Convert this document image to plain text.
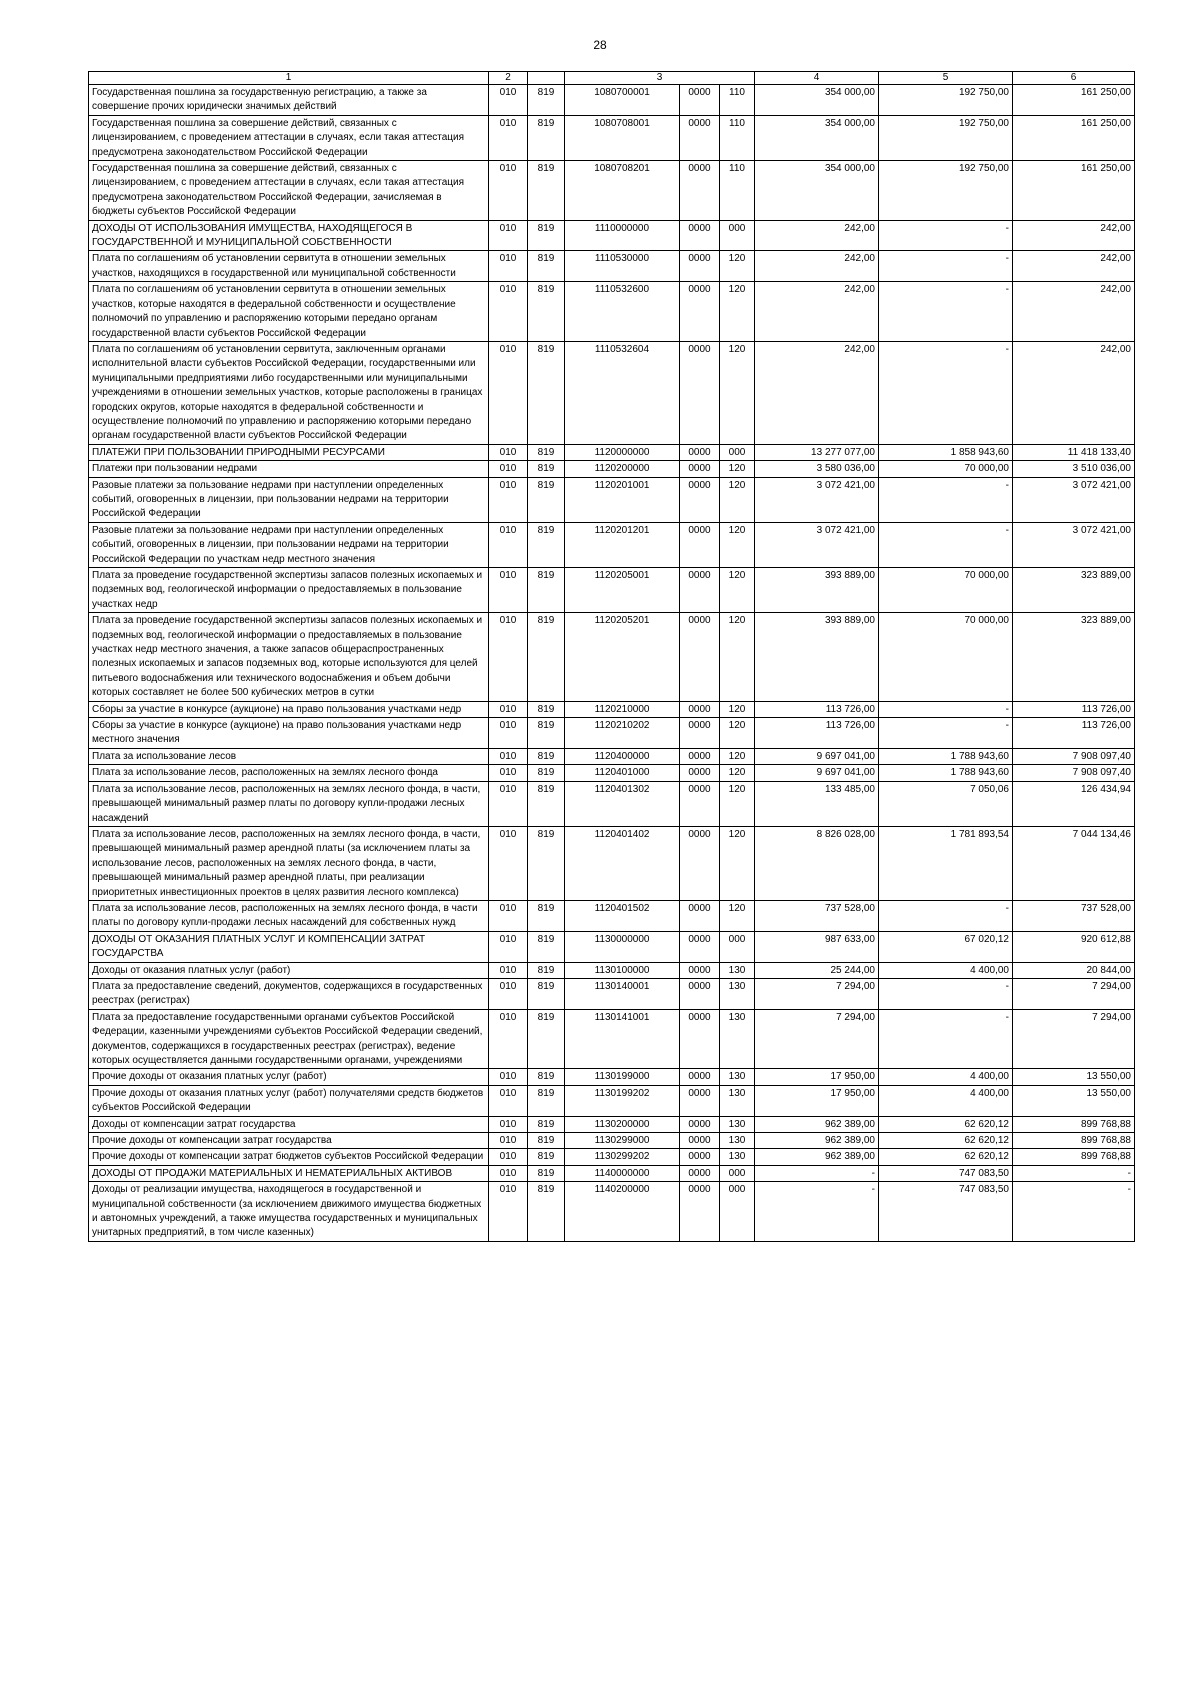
28
1	2		3			4	5	6
Государственная пошлина за государственную регистрацию, а также за совершение прочих юридически значимых действий	010	819	1080700001	0000	110	354 000,00	192 750,00	161 250,00
Государственная пошлина за совершение действий, связанных с лицензированием, с проведением аттестации в случаях, если такая аттестация предусмотрена законодательством Российской Федерации	010	819	1080708001	0000	110	354 000,00	192 750,00	161 250,00
Государственная пошлина за совершение действий, связанных с лицензированием, с проведением аттестации в случаях, если такая аттестация предусмотрена законодательством Российской Федерации, зачисляемая в бюджеты субъектов Российской Федерации	010	819	1080708201	0000	110	354 000,00	192 750,00	161 250,00
ДОХОДЫ ОТ ИСПОЛЬЗОВАНИЯ ИМУЩЕСТВА, НАХОДЯЩЕГОСЯ В ГОСУДАРСТВЕННОЙ И МУНИЦИПАЛЬНОЙ СОБСТВЕННОСТИ	010	819	1110000000	0000	000	242,00	-	242,00
Плата по соглашениям об установлении сервитута в отношении земельных участков, находящихся в государственной или муниципальной собственности	010	819	1110530000	0000	120	242,00	-	242,00
Плата по соглашениям об установлении сервитута в отношении земельных участков, которые находятся в федеральной собственности и осуществление полномочий по управлению и распоряжению которыми передано органам государственной власти субъектов Российской Федерации	010	819	1110532600	0000	120	242,00	-	242,00
Плата по соглашениям об установлении сервитута, заключенным органами исполнительной власти субъектов Российской Федерации, государственными или муниципальными предприятиями либо государственными или муниципальными учреждениями в отношении земельных участков, которые расположены в границах городских округов, которые находятся в федеральной собственности и осуществление полномочий по управлению и распоряжению которыми передано органам государственной власти субъектов Российской Федерации	010	819	1110532604	0000	120	242,00	-	242,00
ПЛАТЕЖИ ПРИ ПОЛЬЗОВАНИИ ПРИРОДНЫМИ РЕСУРСАМИ	010	819	1120000000	0000	000	13 277 077,00	1 858 943,60	11 418 133,40
Платежи при пользовании недрами	010	819	1120200000	0000	120	3 580 036,00	70 000,00	3 510 036,00
Разовые платежи за пользование недрами при наступлении определенных событий, оговоренных в лицензии, при пользовании недрами на территории Российской Федерации	010	819	1120201001	0000	120	3 072 421,00	-	3 072 421,00
Разовые платежи за пользование недрами при наступлении определенных событий, оговоренных в лицензии, при пользовании недрами на территории Российской Федерации по участкам недр местного значения	010	819	1120201201	0000	120	3 072 421,00	-	3 072 421,00
Плата за проведение государственной экспертизы запасов полезных ископаемых и подземных вод, геологической информации о предоставляемых в пользование участках недр	010	819	1120205001	0000	120	393 889,00	70 000,00	323 889,00
Плата за проведение государственной экспертизы запасов полезных ископаемых и подземных вод, геологической информации о предоставляемых в пользование участках недр местного значения, а также запасов общераспространенных полезных ископаемых и запасов подземных вод, которые используются для целей питьевого водоснабжения или технического водоснабжения и объем добычи которых составляет не более 500 кубических метров в сутки	010	819	1120205201	0000	120	393 889,00	70 000,00	323 889,00
Сборы за участие в конкурсе (аукционе) на право пользования участками недр	010	819	1120210000	0000	120	113 726,00	-	113 726,00
Сборы за участие в конкурсе (аукционе) на право пользования участками недр местного значения	010	819	1120210202	0000	120	113 726,00	-	113 726,00
Плата за использование лесов	010	819	1120400000	0000	120	9 697 041,00	1 788 943,60	7 908 097,40
Плата за использование лесов, расположенных на землях лесного фонда	010	819	1120401000	0000	120	9 697 041,00	1 788 943,60	7 908 097,40
Плата за использование лесов, расположенных на землях лесного фонда, в части, превышающей минимальный размер платы по договору купли-продажи лесных насаждений	010	819	1120401302	0000	120	133 485,00	7 050,06	126 434,94
Плата за использование лесов, расположенных на землях лесного фонда, в части, превышающей минимальный размер арендной платы (за исключением платы за использование лесов, расположенных на землях лесного фонда, в части, превышающей минимальный размер арендной платы, при реализации приоритетных инвестиционных проектов в целях развития лесного комплекса)	010	819	1120401402	0000	120	8 826 028,00	1 781 893,54	7 044 134,46
Плата за использование лесов, расположенных на землях лесного фонда, в части платы по договору купли-продажи лесных насаждений для собственных нужд	010	819	1120401502	0000	120	737 528,00	-	737 528,00
ДОХОДЫ ОТ ОКАЗАНИЯ ПЛАТНЫХ УСЛУГ И КОМПЕНСАЦИИ ЗАТРАТ ГОСУДАРСТВА	010	819	1130000000	0000	000	987 633,00	67 020,12	920 612,88
Доходы от оказания платных услуг (работ)	010	819	1130100000	0000	130	25 244,00	4 400,00	20 844,00
Плата за предоставление сведений, документов, содержащихся в государственных реестрах (регистрах)	010	819	1130140001	0000	130	7 294,00	-	7 294,00
Плата за предоставление государственными органами субъектов Российской Федерации, казенными учреждениями субъектов Российской Федерации сведений, документов, содержащихся в государственных реестрах (регистрах), ведение которых осуществляется данными государственными органами, учреждениями	010	819	1130141001	0000	130	7 294,00	-	7 294,00
Прочие доходы от оказания платных услуг (работ)	010	819	1130199000	0000	130	17 950,00	4 400,00	13 550,00
Прочие доходы от оказания платных услуг (работ) получателями средств бюджетов субъектов Российской Федерации	010	819	1130199202	0000	130	17 950,00	4 400,00	13 550,00
Доходы от компенсации затрат государства	010	819	1130200000	0000	130	962 389,00	62 620,12	899 768,88
Прочие доходы от компенсации затрат государства	010	819	1130299000	0000	130	962 389,00	62 620,12	899 768,88
Прочие доходы от компенсации затрат бюджетов субъектов Российской Федерации	010	819	1130299202	0000	130	962 389,00	62 620,12	899 768,88
ДОХОДЫ ОТ ПРОДАЖИ МАТЕРИАЛЬНЫХ И НЕМАТЕРИАЛЬНЫХ АКТИВОВ	010	819	1140000000	0000	000	-	747 083,50	-
Доходы от реализации имущества, находящегося в государственной и муниципальной собственности (за исключением движимого имущества бюджетных и автономных учреждений, а также имущества государственных и муниципальных унитарных предприятий, в том числе казенных)	010	819	1140200000	0000	000	-	747 083,50	-
